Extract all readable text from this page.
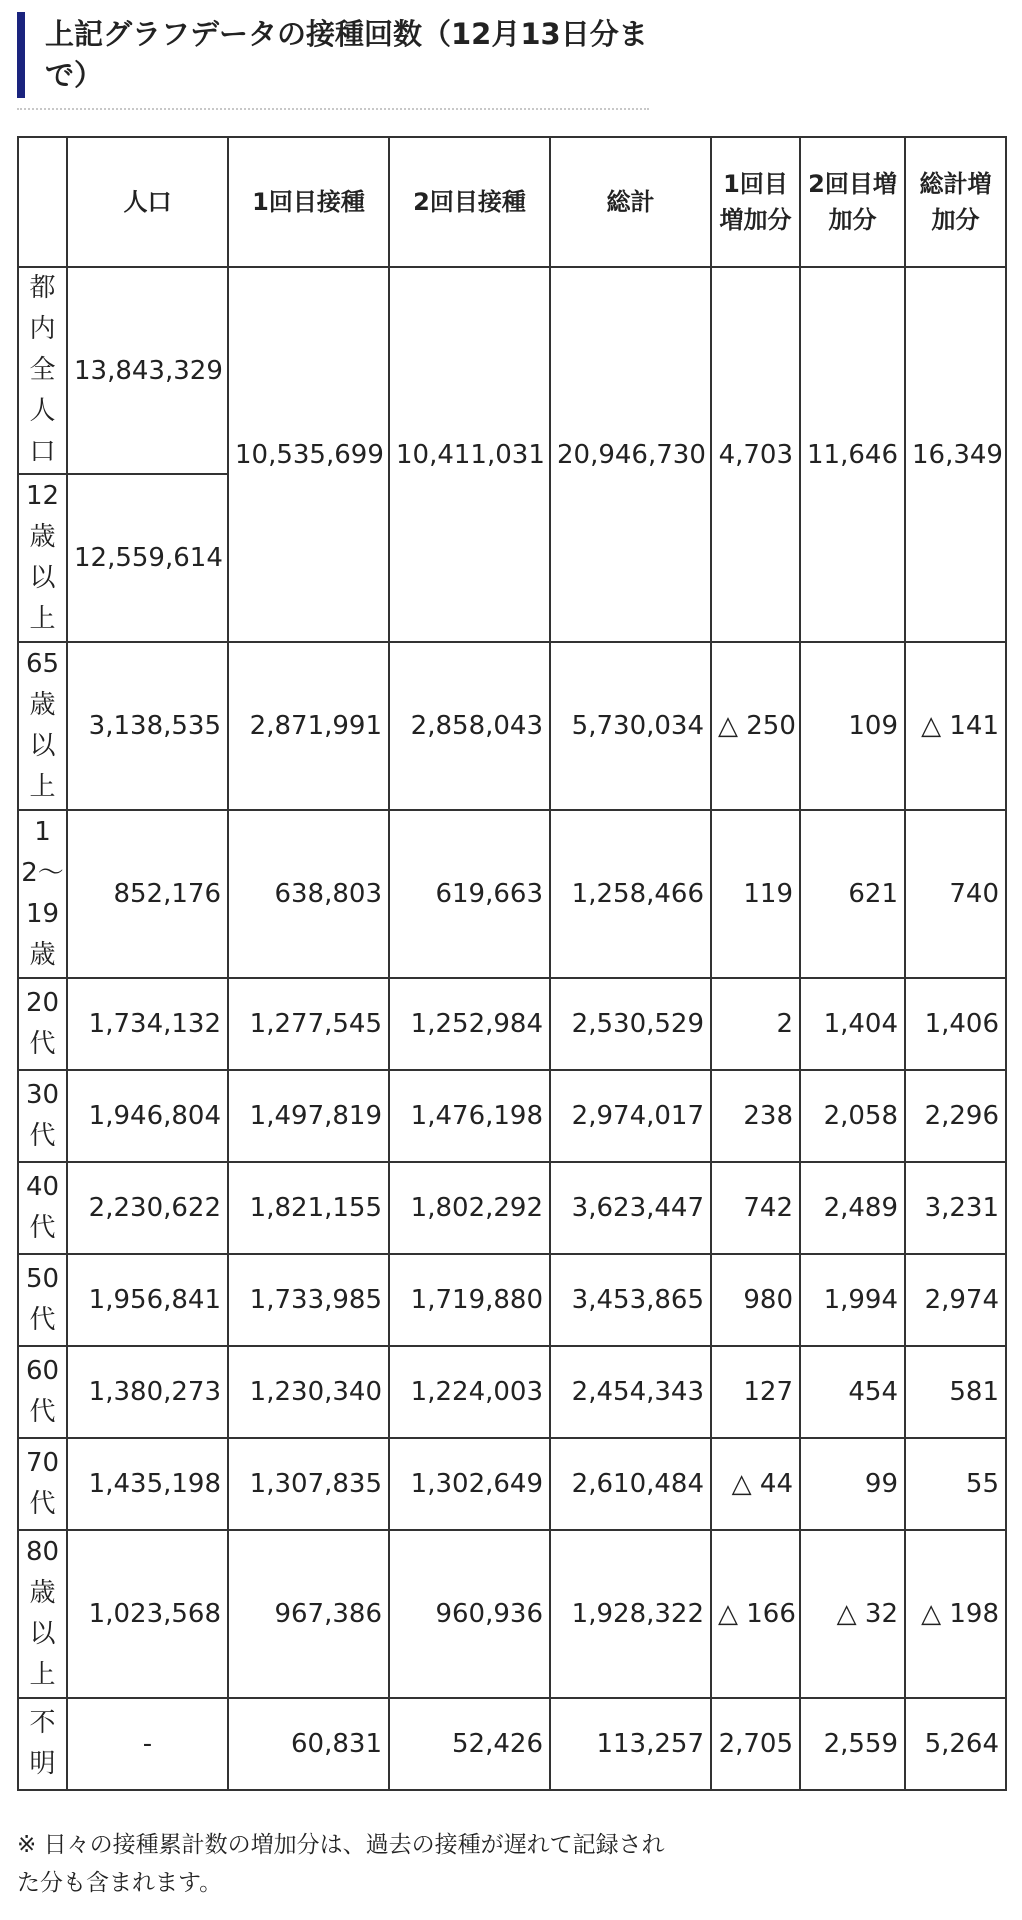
上記グラフデータの接種回数（12月13日分まで）
	人口	1回目接種	2回目接種	総計	1回目増加分	2回目増加分	総計増加分
都内全人口	13,843,329	10,535,699	10,411,031	20,946,730	4,703	11,646	16,349
12歳以上	12,559,614						
65歳以上	3,138,535	2,871,991	2,858,043	5,730,034	△ 250	109	△ 141
12〜19歳	852,176	638,803	619,663	1,258,466	119	621	740
20代	1,734,132	1,277,545	1,252,984	2,530,529	2	1,404	1,406
30代	1,946,804	1,497,819	1,476,198	2,974,017	238	2,058	2,296
40代	2,230,622	1,821,155	1,802,292	3,623,447	742	2,489	3,231
50代	1,956,841	1,733,985	1,719,880	3,453,865	980	1,994	2,974
60代	1,380,273	1,230,340	1,224,003	2,454,343	127	454	581
70代	1,435,198	1,307,835	1,302,649	2,610,484	△ 44	99	55
80歳以上	1,023,568	967,386	960,936	1,928,322	△ 166	△ 32	△ 198
不明	-	60,831	52,426	113,257	2,705	2,559	5,264
※ 日々の接種累計数の増加分は、過去の接種が遅れて記録された分も含まれます。
